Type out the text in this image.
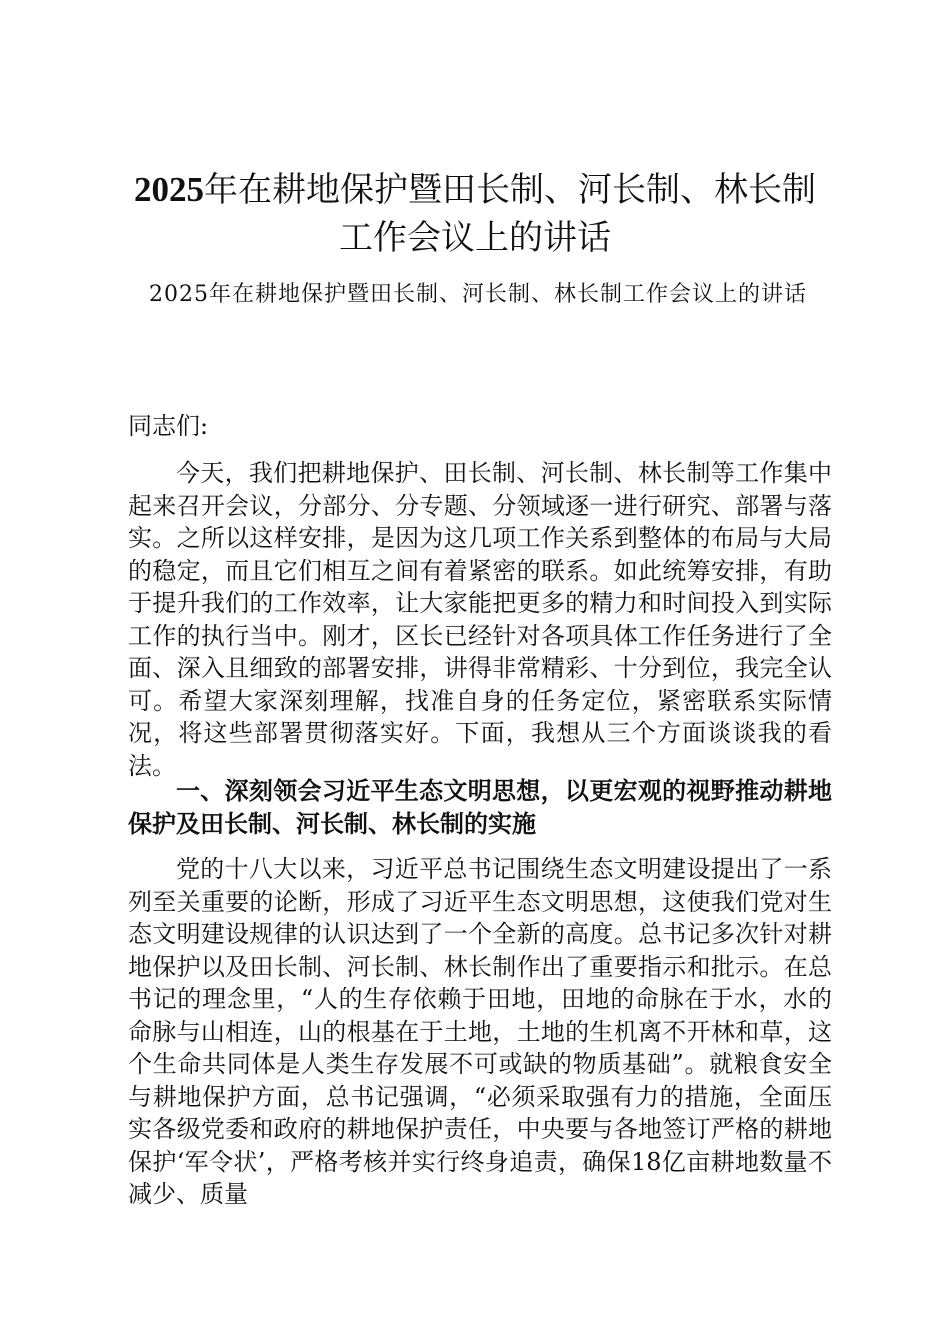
2025年在耕地保护暨田长制、河长制、林长制工作会议上的讲话
2025年在耕地保护暨田长制、河长制、林长制工作会议上的讲话
同志们:
今天，我们把耕地保护、田长制、河长制、林长制等工作集中起来召开会议，分部分、分专题、分领域逐一进行研究、部署与落实。之所以这样安排，是因为这几项工作关系到整体的布局与大局的稳定，而且它们相互之间有着紧密的联系。如此统筹安排，有助于提升我们的工作效率，让大家能把更多的精力和时间投入到实际工作的执行当中。刚才，区长已经针对各项具体工作任务进行了全面、深入且细致的部署安排，讲得非常精彩、十分到位，我完全认可。希望大家深刻理解，找准自身的任务定位，紧密联系实际情况，将这些部署贯彻落实好。下面，我想从三个方面谈谈我的看法。
一、深刻领会习近平生态文明思想，以更宏观的视野推动耕地保护及田长制、河长制、林长制的实施
党的十八大以来，习近平总书记围绕生态文明建设提出了一系列至关重要的论断，形成了习近平生态文明思想，这使我们党对生态文明建设规律的认识达到了一个全新的高度。总书记多次针对耕地保护以及田长制、河长制、林长制作出了重要指示和批示。在总书记的理念里，“人的生存依赖于田地，田地的命脉在于水，水的命脉与山相连，山的根基在于土地，土地的生机离不开林和草，这个生命共同体是人类生存发展不可或缺的物质基础”。就粮食安全与耕地保护方面，总书记强调，“必须采取强有力的措施，全面压实各级党委和政府的耕地保护责任，中央要与各地签订严格的耕地保护‘军令状’，严格考核并实行终身追责，确保18亿亩耕地数量不减少、质量
